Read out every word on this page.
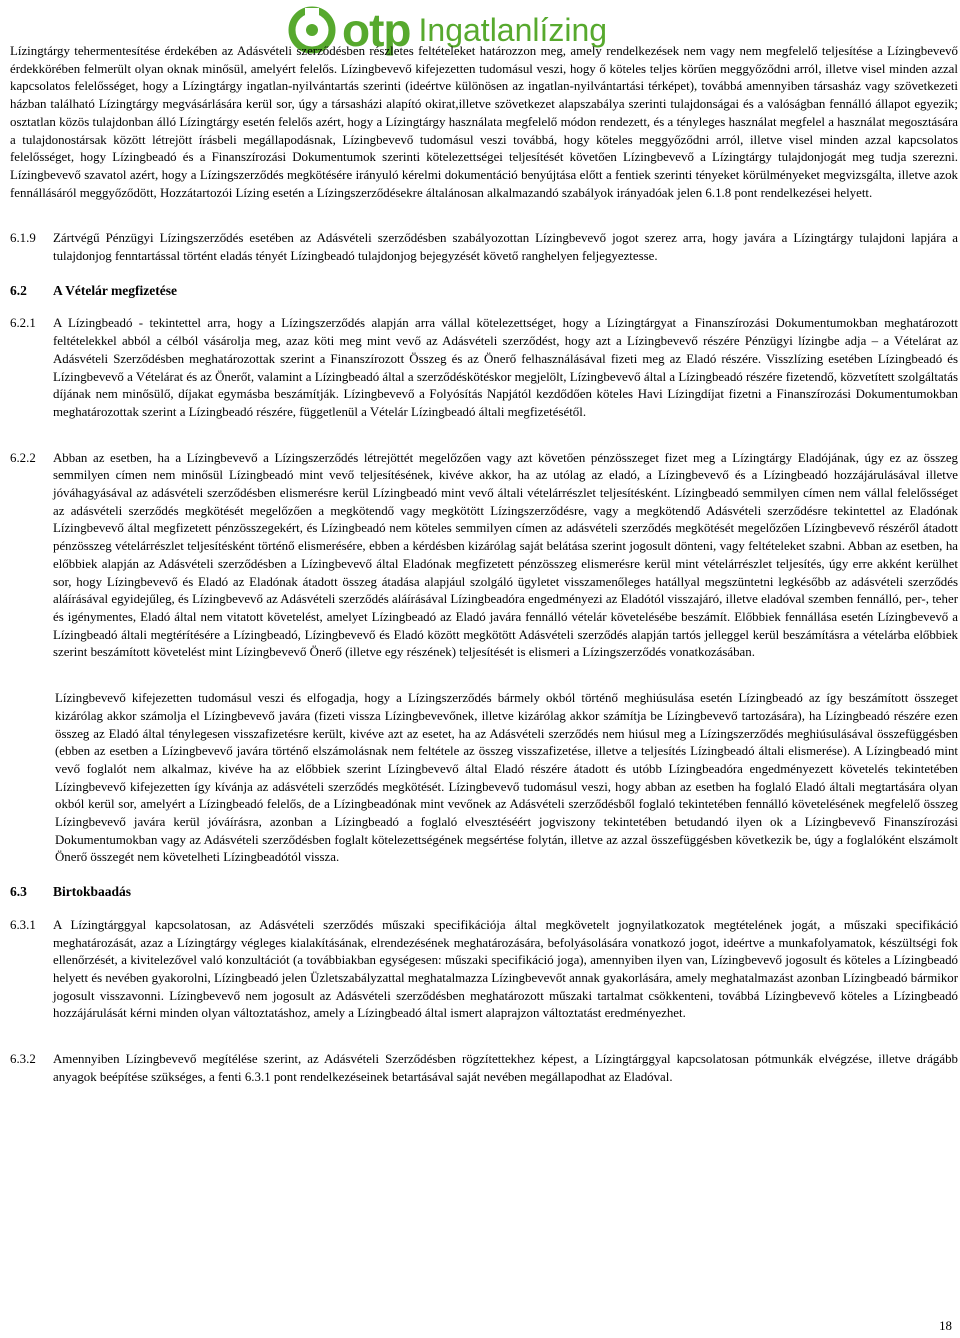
otp Ingatlanlízing

Lízingtárgy tehermentesítése érdekében az Adásvételi szerződésben részletes feltételeket határozzon meg, amely rendelkezések nem vagy nem megfelelő teljesítése a Lízingbevevő érdekkörében felmerült olyan oknak minősül, amelyért felelős. Lízingbevevő kifejezetten tudomásul veszi, hogy ő köteles teljes körűen meggyőződni arról, illetve visel minden azzal kapcsolatos felelősséget, hogy a Lízingtárgy ingatlan-nyilvántartás szerinti (ideértve különösen az ingatlan-nyilvántartási térképet), továbbá amennyiben társasház vagy szövetkezeti házban található Lízingtárgy megvásárlására kerül sor, úgy a társasházi alapító okirat,illetve szövetkezet alapszabálya szerinti tulajdonságai és a valóságban fennálló állapot egyezik; osztatlan közös tulajdonban álló Lízingtárgy esetén felelős azért, hogy a Lízingtárgy használata megfelelő módon rendezett, és a tényleges használat megfelel a használat megosztására a tulajdonostársak között létrejött írásbeli megállapodásnak, Lízingbevevő tudomásul veszi továbbá, hogy köteles meggyőződni arról, illetve visel minden azzal kapcsolatos felelősséget, hogy Lízingbeadó és a Finanszírozási Dokumentumok szerinti kötelezettségei teljesítését követően Lízingbevevő a Lízingtárgy tulajdonjogát meg tudja szerezni. Lízingbevevő szavatol azért, hogy a Lízingszerződés megkötésére irányuló kérelmi dokumentáció benyújtása előtt a fentiek szerinti tényeket körülményeket megvizsgálta, illetve azok fennállásáról meggyőződött, Hozzátartozói Lízing esetén a Lízingszerződésekre általánosan alkalmazandó szabályok irányadóak jelen 6.1.8 pont rendelkezései helyett.

6.1.9	Zártvégű Pénzügyi Lízingszerződés esetében az Adásvételi szerződésben szabályozottan Lízingbevevő jogot szerez arra, hogy javára a Lízingtárgy tulajdoni lapjára a tulajdonjog fenntartással történt eladás tényét Lízingbeadó tulajdonjog bejegyzését követő ranghelyen feljegyeztesse.
6.2	A Vételár megfizetése
6.2.1	A Lízingbeadó - tekintettel arra, hogy a Lízingszerződés alapján arra vállal kötelezettséget, hogy a Lízingtárgyat a Finanszírozási Dokumentumokban meghatározott feltételekkel abból a célból vásárolja meg, azaz köti meg mint vevő az Adásvételi szerződést, hogy azt a Lízingbevevő részére Pénzügyi lízingbe adja – a Vételárat az Adásvételi Szerződésben meghatározottak szerint a Finanszírozott Összeg és az Önerő felhasználásával fizeti meg az Eladó részére. Visszlízing esetében Lízingbeadó és Lízingbevevő a Vételárat és az Önerőt, valamint a Lízingbeadó által a szerződéskötéskor megjelölt, Lízingbevevő által a Lízingbeadó részére fizetendő, közvetített szolgáltatás díjának nem minősülő, díjakat egymásba beszámítják. Lízingbevevő a Folyósítás Napjától kezdődően köteles Havi Lízingdíjat fizetni a Finanszírozási Dokumentumokban meghatározottak szerint a Lízingbeadó részére, függetlenül a Vételár Lízingbeadó általi megfizetésétől.
6.2.2	Abban az esetben, ha a Lízingbevevő a Lízingszerződés létrejöttét megelőzően vagy azt követően pénzösszeget fizet meg a Lízingtárgy Eladójának, úgy ez az összeg semmilyen címen nem minősül Lízingbeadó mint vevő teljesítésének, kivéve akkor, ha az utólag az eladó, a Lízingbevevő és a Lízingbeadó hozzájárulásával illetve jóváhagyásával az adásvételi szerződésben elismerésre kerül Lízingbeadó mint vevő általi vételárrészlet teljesítésként. Lízingbeadó semmilyen címen nem vállal felelősséget az adásvételi szerződés megkötését megelőzően a megkötendő vagy megkötött Lízingszerződésre, vagy a megkötendő Adásvételi szerződésre tekintettel az Eladónak Lízingbevevő által megfizetett pénzösszegekért, és Lízingbeadó nem köteles semmilyen címen az adásvételi szerződés megkötését megelőzően Lízingbevevő részéről átadott pénzösszeg vételárrészlet teljesítésként történő elismerésére, ebben a kérdésben kizárólag saját belátása szerint jogosult dönteni, vagy feltételeket szabni. Abban az esetben, ha előbbiek alapján az Adásvételi szerződésben a Lízingbevevő által Eladónak megfizetett pénzösszeg elismerésre kerül mint vételárrészlet teljesítés, úgy erre akként kerülhet sor, hogy Lízingbevevő és Eladó az Eladónak átadott összeg átadása alapjául szolgáló ügyletet visszamenőleges hatállyal megszüntetni legkésőbb az adásvételi szerződés aláírásával egyidejűleg, és Lízingbevevő az Adásvételi szerződés aláírásával Lízingbeadóra engedményezi az Eladótól visszajáró, illetve eladóval szemben fennálló, per-, teher és igénymentes, Eladó által nem vitatott követelést, amelyet Lízingbeadó az Eladó javára fennálló vételár követelésébe beszámít. Előbbiek fennállása esetén Lízingbevevő a Lízingbeadó általi megtérítésére a Lízingbeadó, Lízingbevevő és Eladó között megkötött Adásvételi szerződés alapján tartós jelleggel kerül beszámításra a vételárba előbbiek szerint beszámított követelést mint Lízingbevevő Önerő (illetve egy részének) teljesítését is elismeri a Lízingszerződés vonatkozásában.

Lízingbevevő kifejezetten tudomásul veszi és elfogadja, hogy a Lízingszerződés bármely okból történő meghiúsulása esetén Lízingbeadó az így beszámított összeget kizárólag akkor számolja el Lízingbevevő javára (fizeti vissza Lízingbevevőnek, illetve kizárólag akkor számítja be Lízingbevevő tartozására), ha Lízingbeadó részére ezen összeg az Eladó által ténylegesen visszafizetésre került, kivéve azt az esetet, ha az Adásvételi szerződés nem hiúsul meg a Lízingszerződés meghiúsulásával összefüggésben (ebben az esetben a Lízingbevevő javára történő elszámolásnak nem feltétele az összeg visszafizetése, illetve a teljesítés Lízingbeadó általi elismerése). A Lízingbeadó mint vevő foglalót nem alkalmaz, kivéve ha az előbbiek szerint Lízingbevevő által Eladó részére átadott és utóbb Lízingbeadóra engedményezett követelés tekintetében Lízingbevevő kifejezetten így kívánja az adásvételi szerződés megkötését. Lízingbevevő tudomásul veszi, hogy abban az esetben ha foglaló Eladó általi megtartására olyan okból kerül sor, amelyért a Lízingbeadó felelős, de a Lízingbeadónak mint vevőnek az Adásvételi szerződésből foglaló tekintetében fennálló követelésének megfelelő összeg Lízingbevevő javára kerül jóváírásra, azonban a Lízingbeadó a foglaló elvesztéséért jogviszony tekintetében betudandó ilyen ok a Lízingbevevő Finanszírozási Dokumentumokban vagy az Adásvételi szerződésben foglalt kötelezettségének megsértése folytán, illetve az azzal összefüggésben következik be, úgy a foglalóként elszámolt Önerő összegét nem követelheti Lízingbeadótól vissza.

6.3	Birtokbaadás
6.3.1	A Lízingtárggyal kapcsolatosan, az Adásvételi szerződés műszaki specifikációja által megkövetelt jognyilatkozatok megtételének jogát, a műszaki specifikáció meghatározását, azaz a Lízingtárgy végleges kialakításának, elrendezésének meghatározására, befolyásolására vonatkozó jogot, ideértve a munkafolyamatok, készültségi fok ellenőrzését, a kivitelezővel való konzultációt (a továbbiakban egységesen: műszaki specifikáció joga), amennyiben ilyen van, Lízingbevevő jogosult és köteles a Lízingbeadó helyett és nevében gyakorolni, Lízingbeadó jelen Üzletszabályzattal meghatalmazza Lízingbevevőt annak gyakorlására, amely meghatalmazást azonban Lízingbeadó bármikor jogosult visszavonni. Lízingbevevő nem jogosult az Adásvételi szerződésben meghatározott műszaki tartalmat csökkenteni, továbbá Lízingbevevő köteles a Lízingbeadó hozzájárulását kérni minden olyan változtatáshoz, amely a Lízingbeadó által ismert alaprajzon változtatást eredményezhet.
6.3.2	Amennyiben Lízingbevevő megítélése szerint, az Adásvételi Szerződésben rögzítettekhez képest, a Lízingtárggyal kapcsolatosan pótmunkák elvégzése, illetve drágább anyagok beépítése szükséges, a fenti 6.3.1 pont rendelkezéseinek betartásával saját nevében megállapodhat az Eladóval.
18
